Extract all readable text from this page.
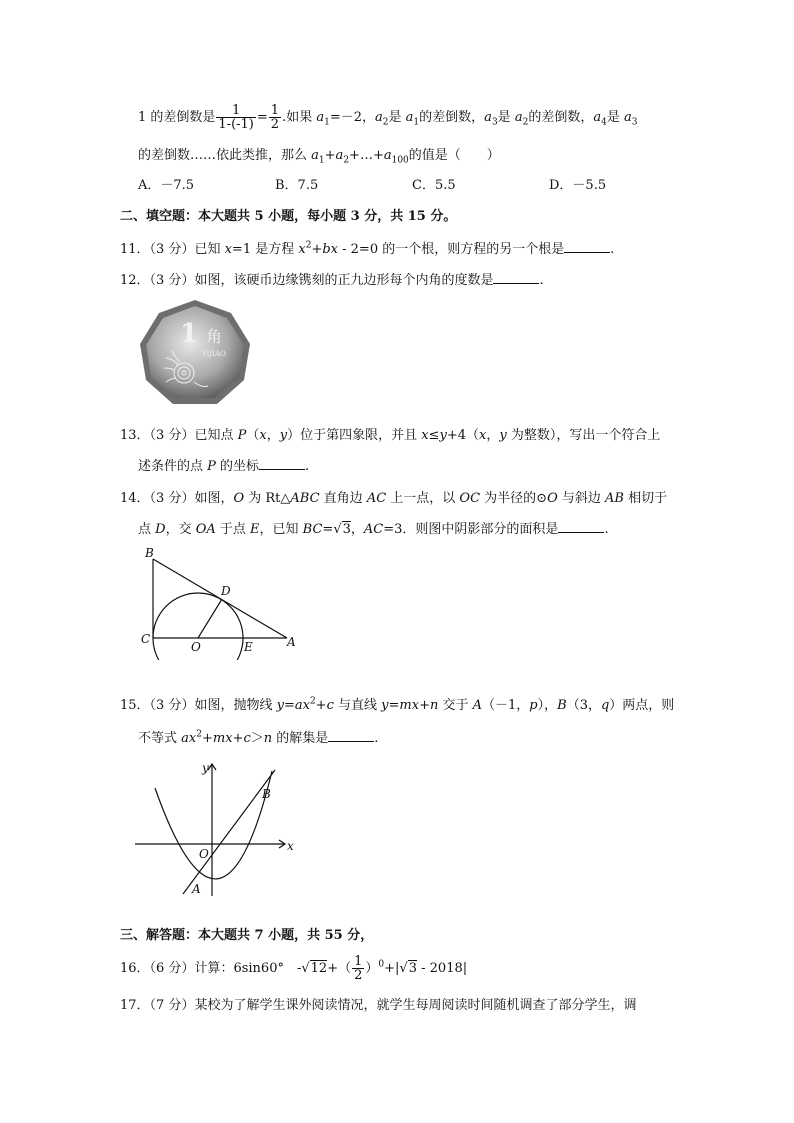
1 的差倒数是 $\frac{1}{1-(-1)} = \frac{1}{2}$ .如果 $a_1=-2$，$a_2$是 $a_1$的差倒数，$a_3$是 $a_2$的差倒数，$a_4$是 $a_3$
的差倒数……依此类推，那么 $a_1+a_2+\dots+a_{100}$的值是（　　）
A．－7.5	B．7.5	C．5.5	D．－5.5
二、填空题：本大题共 5 小题，每小题 3 分，共 15 分。
11．（3 分）已知 x=1 是方程 $x^2+bx - 2=0$ 的一个根，则方程的另一个根是	.
12．（3 分）如图，该硬币边缘镌刻的正九边形每个内角的度数是	.
1 角
YIJIAO
13．（3 分）已知点 P（x，y）位于第四象限，并且 x≤y+4（x，y 为整数），写出一个符合上
述条件的点 P 的坐标	.
14．（3 分）如图，O 为 Rt△ABC 直角边 AC 上一点，以 OC 为半径的⊙O 与斜边 AB 相切于
点 D，交 OA 于点 E，已知 BC=√3，AC=3．则图中阴影部分的面积是	.
B
D
C
O	E	A
15．（3 分）如图，抛物线 $y=ax^2+c$ 与直线 y=mx+n 交于 A（－1，p），B（3，q）两点，则
不等式 $ax^2+mx+c>n$ 的解集是	.
y
x
O
A
B
三、解答题：本大题共 7 小题，共 55 分，
16．（6 分）计算：6sin60°　$-√12+( \frac{1}{2} )^0+|√3 - 2018|$
17．（7 分）某校为了解学生课外阅读情况，就学生每周阅读时间随机调查了部分学生，调
